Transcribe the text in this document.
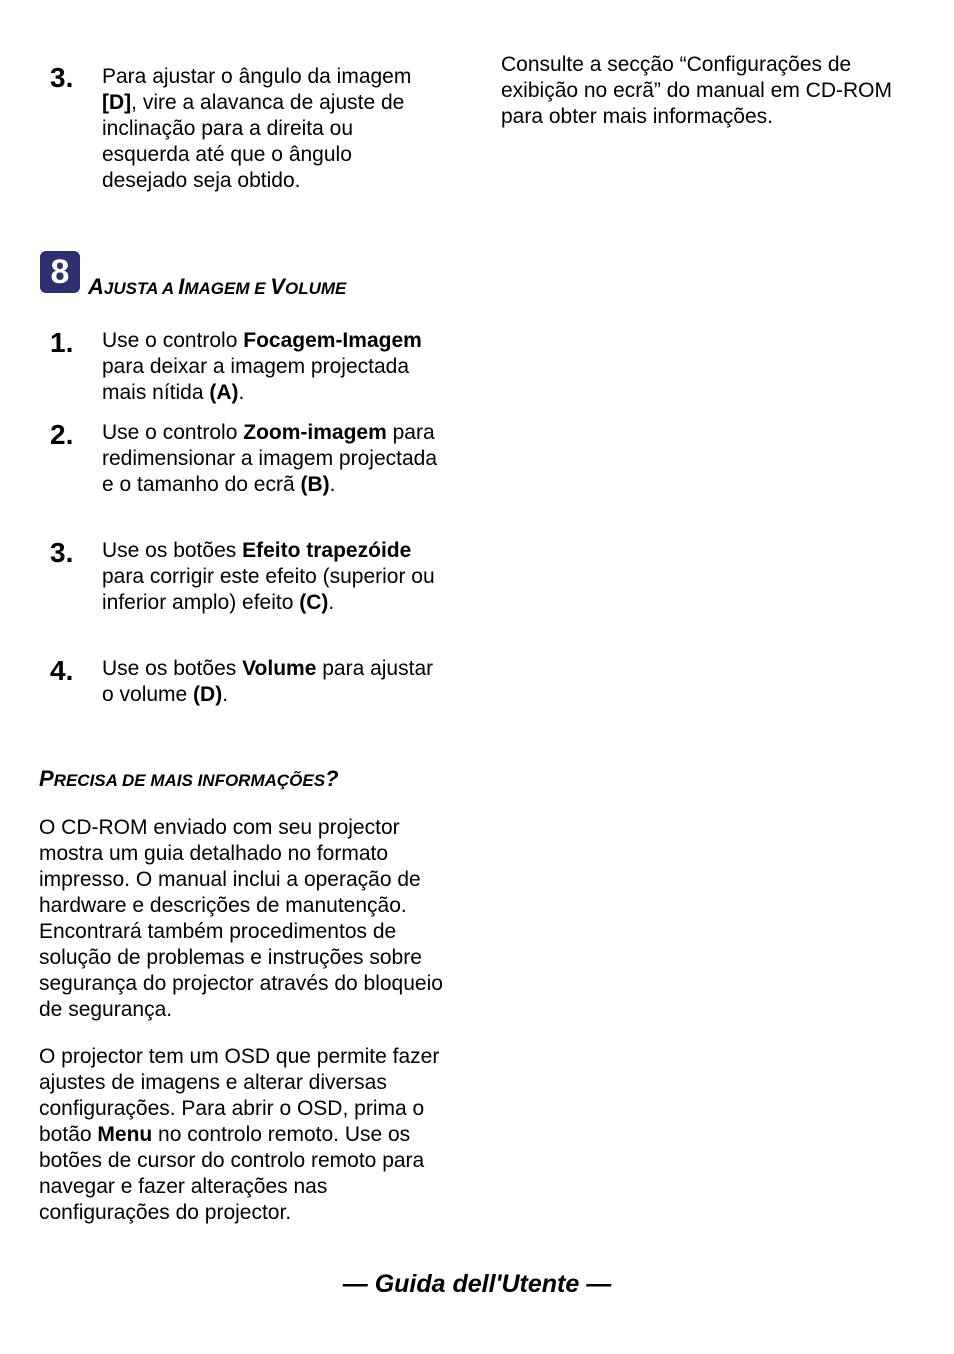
3. Para ajustar o ângulo da imagem [D], vire a alavanca de ajuste de inclinação para a direita ou esquerda até que o ângulo desejado seja obtido.
Consulte a secção “Configurações de exibição no ecrã” do manual em CD-ROM para obter mais informações.
8 AJUSTA A IMAGEM E VOLUME
1. Use o controlo Focagem-Imagem para deixar a imagem projectada mais nítida (A).
2. Use o controlo Zoom-imagem para redimensionar a imagem projectada e o tamanho do ecrã (B).
3. Use os botões Efeito trapezóide para corrigir este efeito (superior ou inferior amplo) efeito (C).
4. Use os botões Volume para ajustar o volume (D).
PRECISA DE MAIS INFORMAÇÕES?
O CD-ROM enviado com seu projector mostra um guia detalhado no formato impresso. O manual inclui a operação de hardware e descrições de manutenção. Encontrará também procedimentos de solução de problemas e instruções sobre segurança do projector através do bloqueio de segurança.
O projector tem um OSD que permite fazer ajustes de imagens e alterar diversas configurações. Para abrir o OSD, prima o botão Menu no controlo remoto. Use os botões de cursor do controlo remoto para navegar e fazer alterações nas configurações do projector.
— Guida dell'Utente —
